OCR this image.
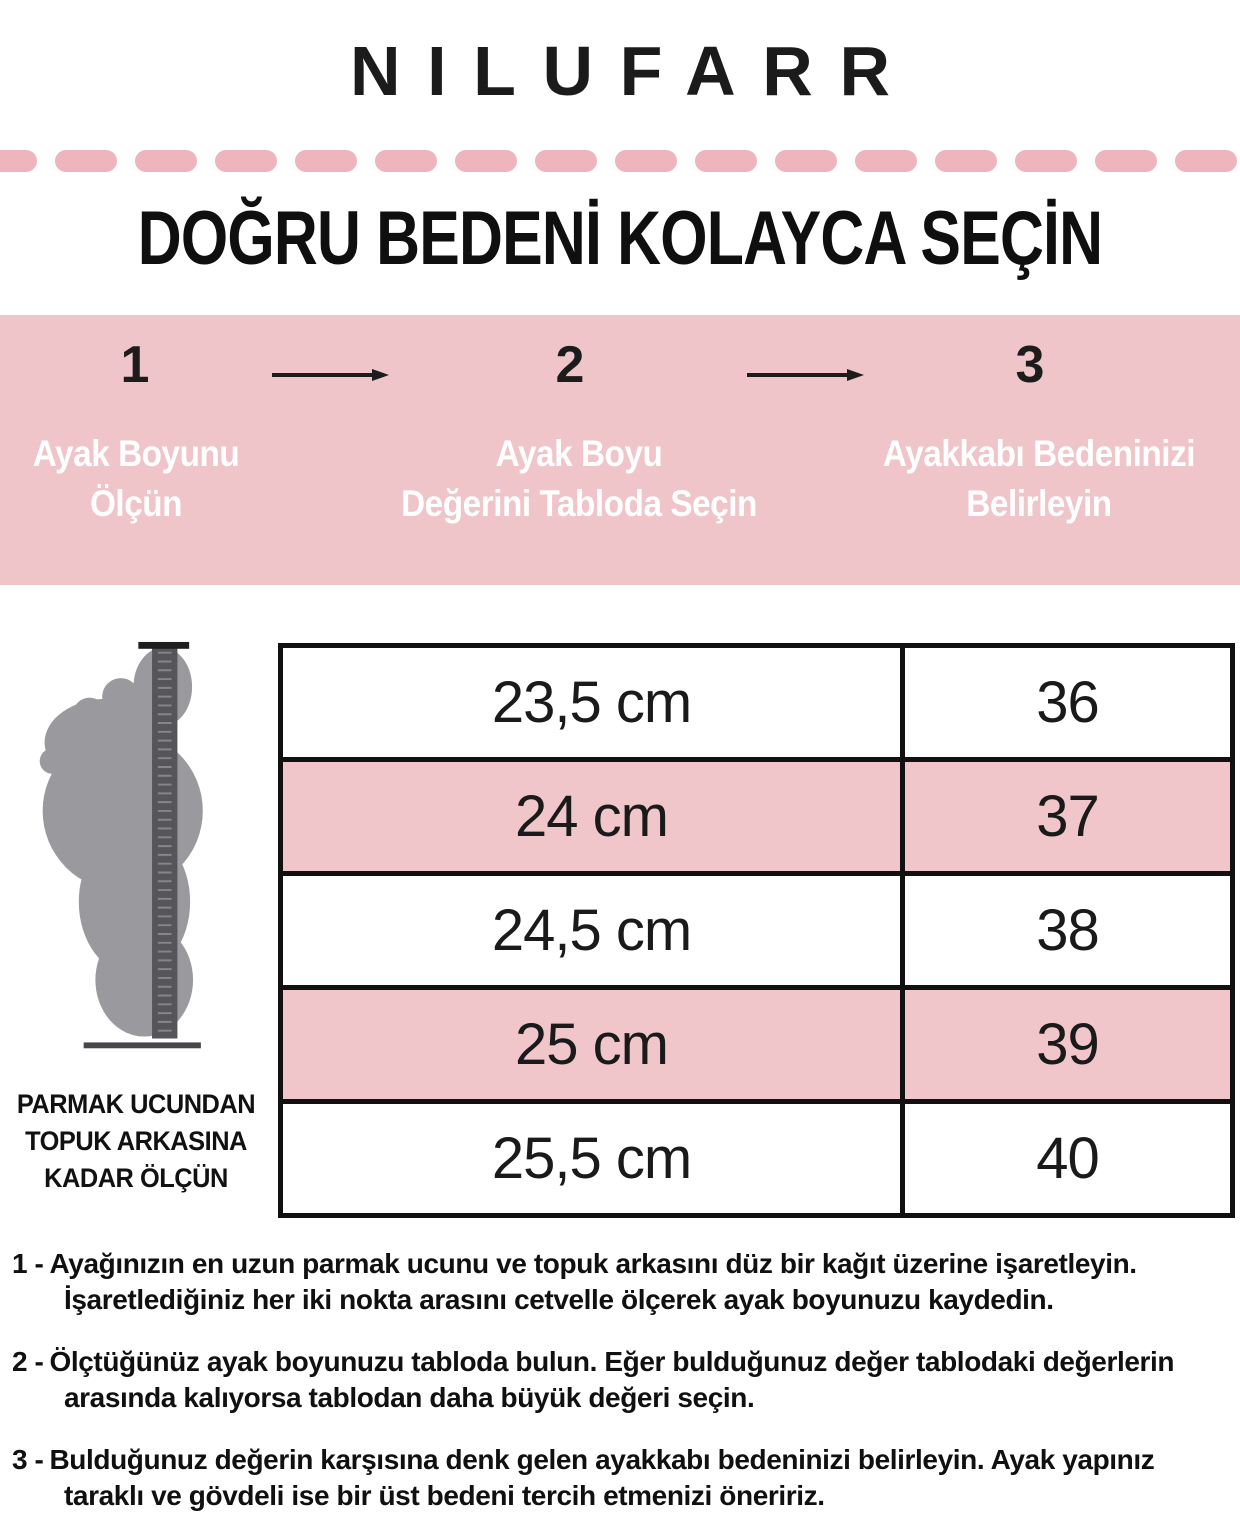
NILUFARR
DOĞRU BEDENİ KOLAYCA SEÇİN
1	2	3
Ayak Boyunu
Ölçün
Ayak Boyu
Değerini Tabloda Seçin
Ayakkabı Bedeninizi
Belirleyin
PARMAK UCUNDAN
TOPUK ARKASINA
KADAR ÖLÇÜN
23,5 cm	36
24 cm	37
24,5 cm	38
25 cm	39
25,5 cm	40

1 - Ayağınızın en uzun parmak ucunu ve topuk arkasını düz bir kağıt üzerine işaretleyin. İşaretlediğiniz her iki nokta arasını cetvelle ölçerek ayak boyunuzu kaydedin.

2 - Ölçtüğünüz ayak boyunuzu tabloda bulun. Eğer bulduğunuz değer tablodaki değerlerin arasında kalıyorsa tablodan daha büyük değeri seçin.

3 - Bulduğunuz değerin karşısına denk gelen ayakkabı bedeninizi belirleyin. Ayak yapınız taraklı ve gövdeli ise bir üst bedeni tercih etmenizi öneririz.
